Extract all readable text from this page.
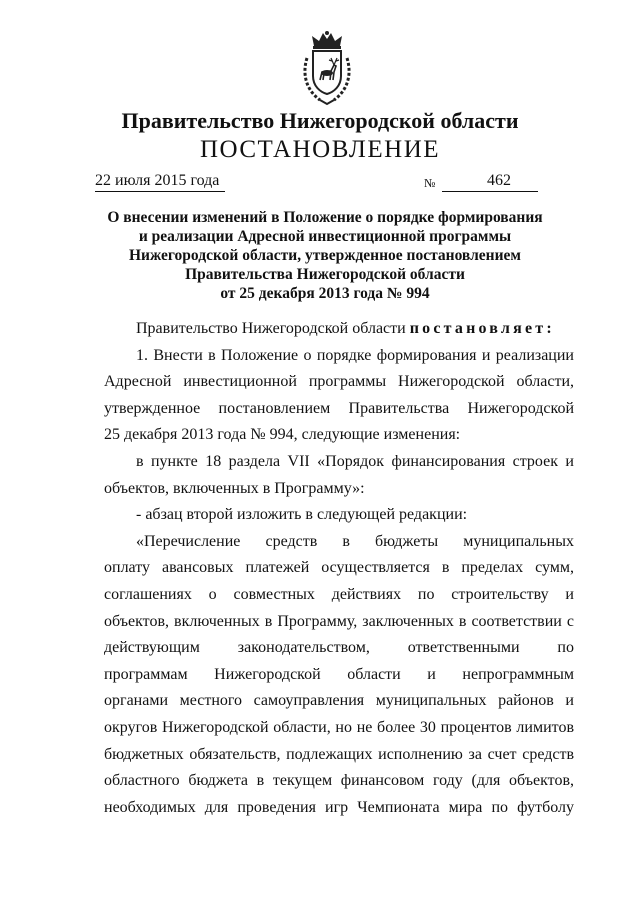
Правительство Нижегородской области
ПОСТАНОВЛЕНИЕ
22 июля 2015 года	№	462
О внесении изменений в Положение о порядке формирования
и реализации Адресной инвестиционной программы
Нижегородской области, утвержденное постановлением
Правительства Нижегородской области
от 25 декабря 2013 года № 994
Правительство Нижегородской области постановляет:
1. Внести в Положение о порядке формирования и реализации
Адресной инвестиционной программы Нижегородской области,
утвержденное постановлением Правительства Нижегородской
25 декабря 2013 года № 994, следующие изменения:
в пункте 18 раздела VII «Порядок финансирования строек и
объектов, включенных в Программу»:
- абзац второй изложить в следующей редакции:
«Перечисление средств в бюджеты муниципальных
оплату авансовых платежей осуществляется в пределах сумм,
соглашениях о совместных действиях по строительству и
объектов, включенных в Программу, заключенных в соответствии с
действующим законодательством, ответственными по
программам Нижегородской области и непрограммным
органами местного самоуправления муниципальных районов и
округов Нижегородской области, но не более 30 процентов лимитов
бюджетных обязательств, подлежащих исполнению за счет средств
областного бюджета в текущем финансовом году (для объектов,
необходимых для проведения игр Чемпионата мира по футболу
